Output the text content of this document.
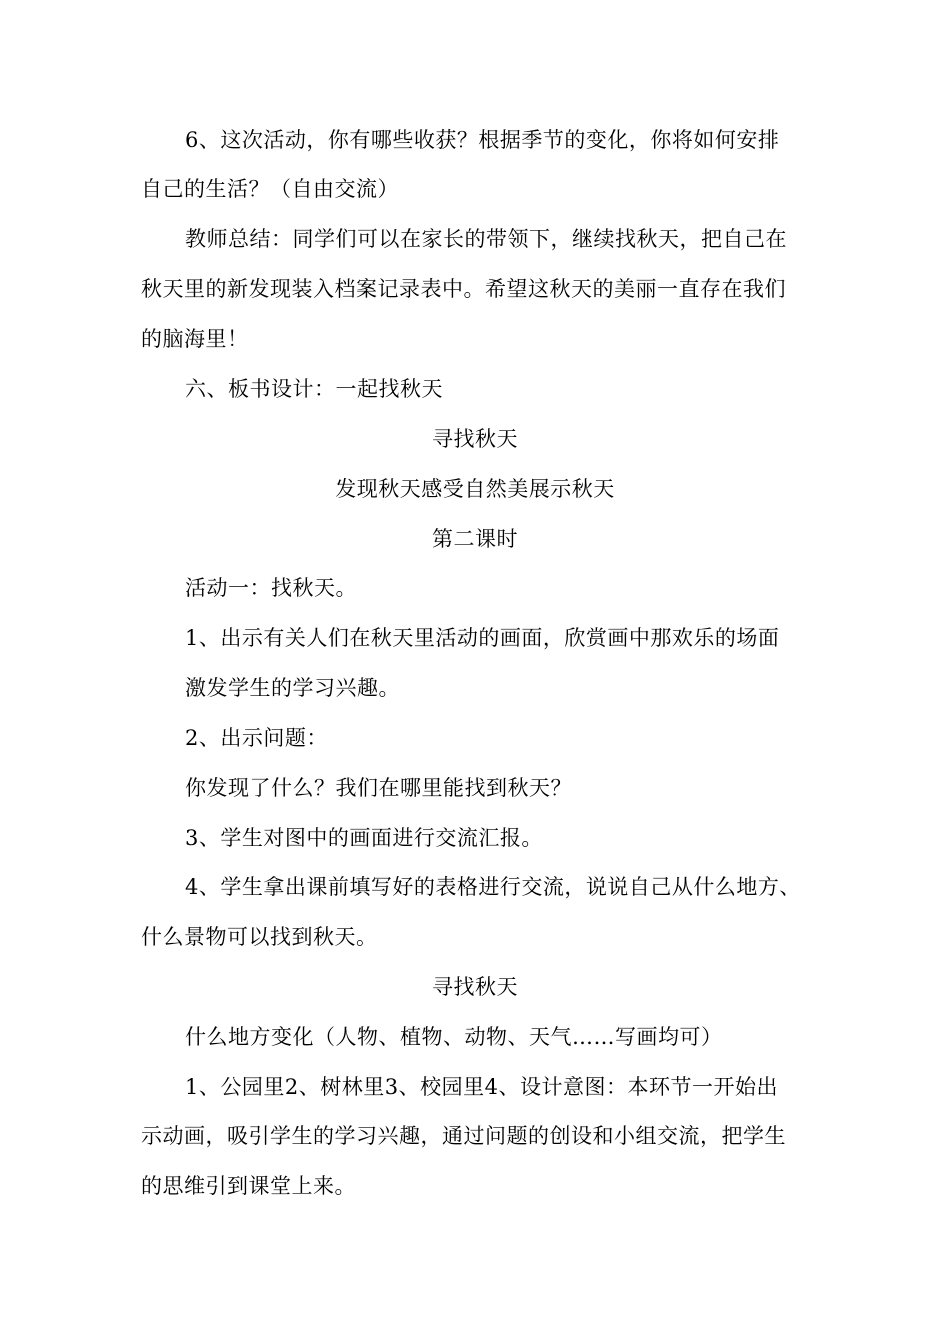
6、这次活动，你有哪些收获？根据季节的变化，你将如何安排
自己的生活？（自由交流）
教师总结：同学们可以在家长的带领下，继续找秋天，把自己在
秋天里的新发现装入档案记录表中。希望这秋天的美丽一直存在我们
的脑海里！
六、板书设计：一起找秋天
寻找秋天
发现秋天感受自然美展示秋天
第二课时
活动一：找秋天。
1、出示有关人们在秋天里活动的画面，欣赏画中那欢乐的场面
激发学生的学习兴趣。
2、出示问题：
你发现了什么？我们在哪里能找到秋天？
3、学生对图中的画面进行交流汇报。
4、学生拿出课前填写好的表格进行交流，说说自己从什么地方、
什么景物可以找到秋天。
寻找秋天
什么地方变化（人物、植物、动物、天气……写画均可）
1、公园里2、树林里3、校园里4、设计意图：本环节一开始出
示动画，吸引学生的学习兴趣，通过问题的创设和小组交流，把学生
的思维引到课堂上来。
